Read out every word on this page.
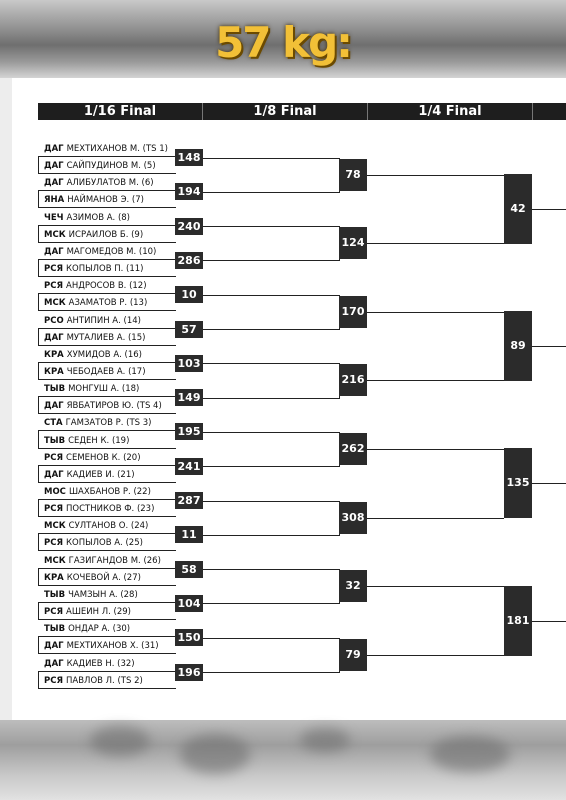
57 kg:
1/16 Final	1/8 Final	1/4 Final
ДАГ МЕХТИХАНОВ М. (TS 1)
ДАГ САЙПУДИНОВ М. (5)
148
ДАГ АЛИБУЛАТОВ М. (6)
ЯНА НАЙМАНОВ Э. (7)
194
ЧЕЧ АЗИМОВ А. (8)
МСК ИСРАИЛОВ Б. (9)
240
ДАГ МАГОМЕДОВ М. (10)
РСЯ КОПЫЛОВ П. (11)
286
РСЯ АНДРОСОВ В. (12)
МСК АЗАМАТОВ Р. (13)
10
РСО АНТИПИН А. (14)
ДАГ МУТАЛИЕВ А. (15)
57
КРА ХУМИДОВ А. (16)
КРА ЧЕБОДАЕВ А. (17)
103
ТЫВ МОНГУШ А. (18)
ДАГ ЯВБАТИРОВ Ю. (TS 4)
149
СТА ГАМЗАТОВ Р. (TS 3)
ТЫВ СЕДЕН К. (19)
195
РСЯ СЕМЕНОВ К. (20)
ДАГ КАДИЕВ И. (21)
241
МОС ШАХБАНОВ Р. (22)
РСЯ ПОСТНИКОВ Ф. (23)
287
МСК СУЛТАНОВ О. (24)
РСЯ КОПЫЛОВ А. (25)
11
МСК ГАЗИГАНДОВ М. (26)
КРА КОЧЕВОЙ А. (27)
58
ТЫВ ЧАМЗЫН А. (28)
РСЯ АШЕИН Л. (29)
104
ТЫВ ОНДАР А. (30)
ДАГ МЕХТИХАНОВ Х. (31)
150
ДАГ КАДИЕВ Н. (32)
РСЯ ПАВЛОВ Л. (TS 2)
196
78
124
170
216
262
308
32
79
42
89
135
181
